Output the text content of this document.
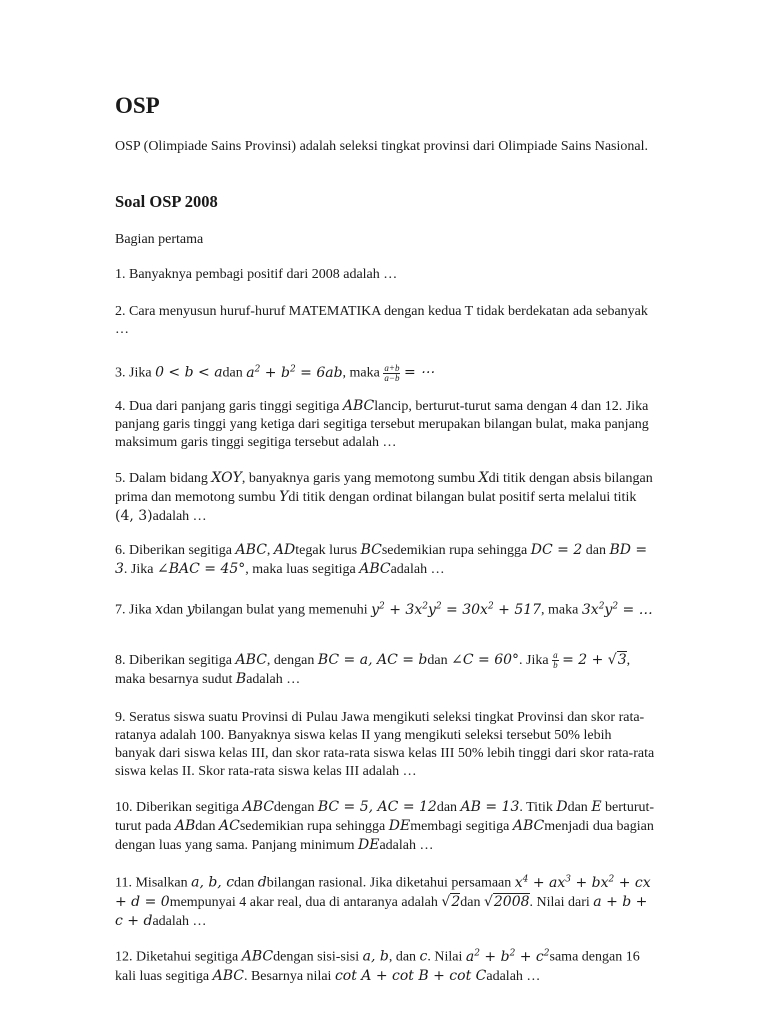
OSP
OSP (Olimpiade Sains Provinsi) adalah seleksi tingkat provinsi dari Olimpiade Sains Nasional.
Soal OSP 2008
Bagian pertama
1. Banyaknya pembagi positif dari 2008 adalah …
2. Cara menyusun huruf-huruf MATEMATIKA dengan kedua T tidak berdekatan ada sebanyak …
3. Jika 0 < b < adan $a^2 + b^2 = 6ab$, maka $\frac{a+b}{a-b}$ = ⋯
4. Dua dari panjang garis tinggi segitiga ABClancip, berturut-turut sama dengan 4 dan 12. Jika panjang garis tinggi yang ketiga dari segitiga tersebut merupakan bilangan bulat, maka panjang maksimum garis tinggi segitiga tersebut adalah …
5. Dalam bidang XOY, banyaknya garis yang memotong sumbu Xdi titik dengan absis bilangan prima dan memotong sumbu Ydi titik dengan ordinat bilangan bulat positif serta melalui titik (4, 3)adalah …
6. Diberikan segitiga ABC, ADtegak lurus BCsedemikian rupa sehingga DC = 2 dan BD = 3. Jika ∠BAC = 45°, maka luas segitiga ABCadalah …
7. Jika xdan ybilangan bulat yang memenuhi $y^2 + 3x^2y^2 = 30x^2 + 517$, maka $3x^2y^2$ = …
8. Diberikan segitiga ABC, dengan BC = a, AC = bdan ∠C = 60°. Jika $\frac{a}{b} = 2 + √3$, maka besarnya sudut Badalah …
9. Seratus siswa suatu Provinsi di Pulau Jawa mengikuti seleksi tingkat Provinsi dan skor rata-ratanya adalah 100. Banyaknya siswa kelas II yang mengikuti seleksi tersebut 50% lebih banyak dari siswa kelas III, dan skor rata-rata siswa kelas III 50% lebih tinggi dari skor rata-rata siswa kelas II. Skor rata-rata siswa kelas III adalah …
10. Diberikan segitiga ABCdengan BC = 5, AC = 12dan AB = 13. Titik Ddan E berturut-turut pada ABdan ACsedemikian rupa sehingga DEmembagi segitiga ABCmenjadi dua bagian dengan luas yang sama. Panjang minimum DEadalah …
11. Misalkan a, b, cdan dbilangan rasional. Jika diketahui persamaan $x^4 + ax^3 + bx^2$ + cx + d = 0mempunyai 4 akar real, dua di antaranya adalah √2dan √2008. Nilai dari a + b + c + dadalah …
12. Diketahui segitiga ABCdengan sisi-sisi a, b, dan c. Nilai $a^2 + b^2$ + $c^2sama$ dengan 16 kali luas segitiga ABC. Besarnya nilai cot A + cot B + cot Cadalah …
